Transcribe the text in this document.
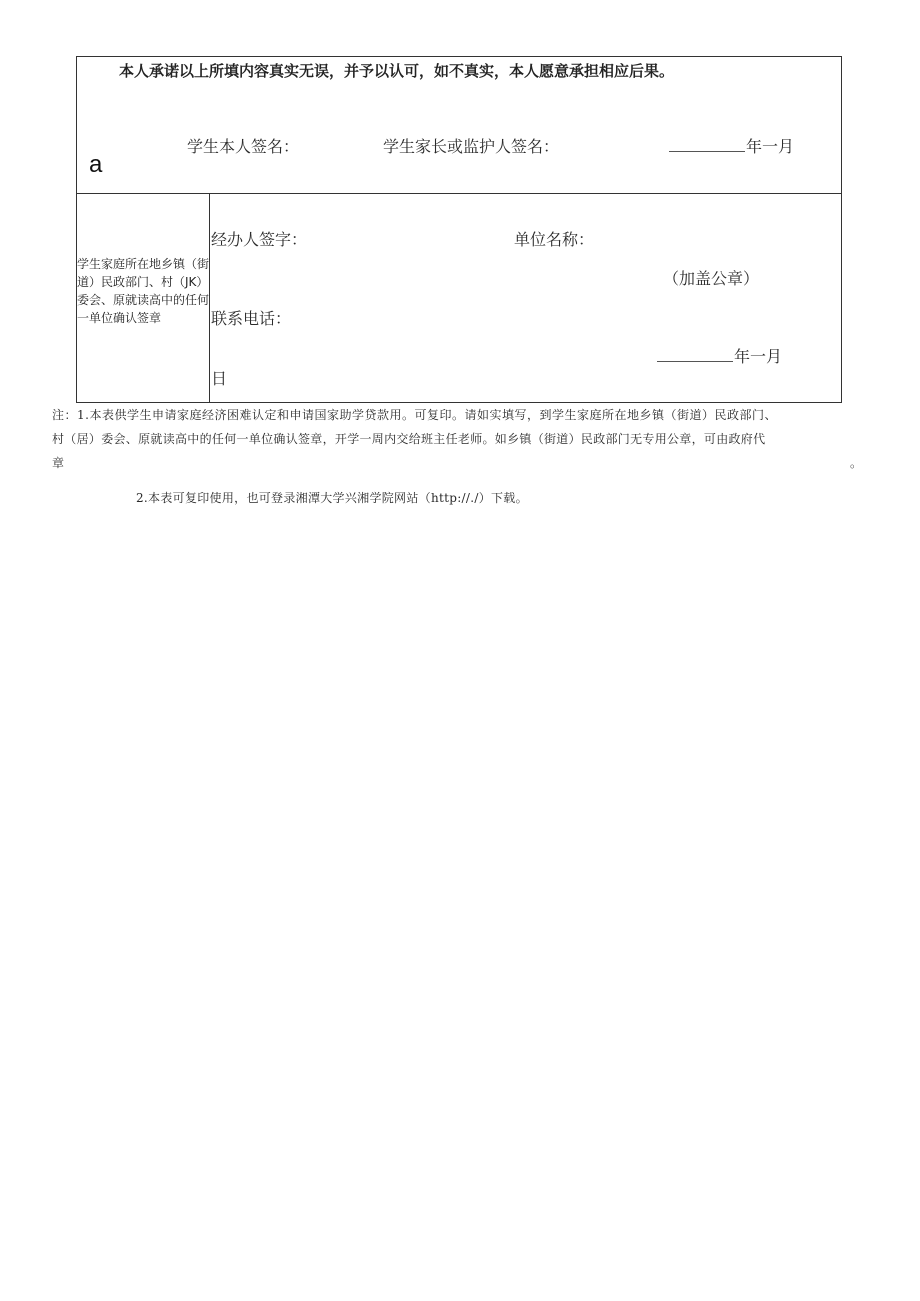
本人承诺以上所填内容真实无误，并予以认可，如不真实，本人愿意承担相应后果。
学生本人签名：	学生家长或监护人签名：	年一月
a
学生家庭所在地乡镇（街道）民政部门、村（JK）委会、原就读高中的任何一单位确认签章
经办人签字：	单位名称：
（加盖公章）
联系电话：
年一月
日
注：1.本表供学生申请家庭经济困难认定和申请国家助学贷款用。可复印。请如实填写，到学生家庭所在地乡镇（街道）民政部门、
村（居）委会、原就读高中的任何一单位确认签章，开学一周内交给班主任老师。如乡镇（街道）民政部门无专用公章，可由政府代
章	。
2.本表可复印使用，也可登录湘潭大学兴湘学院网站（http://./）下载。
